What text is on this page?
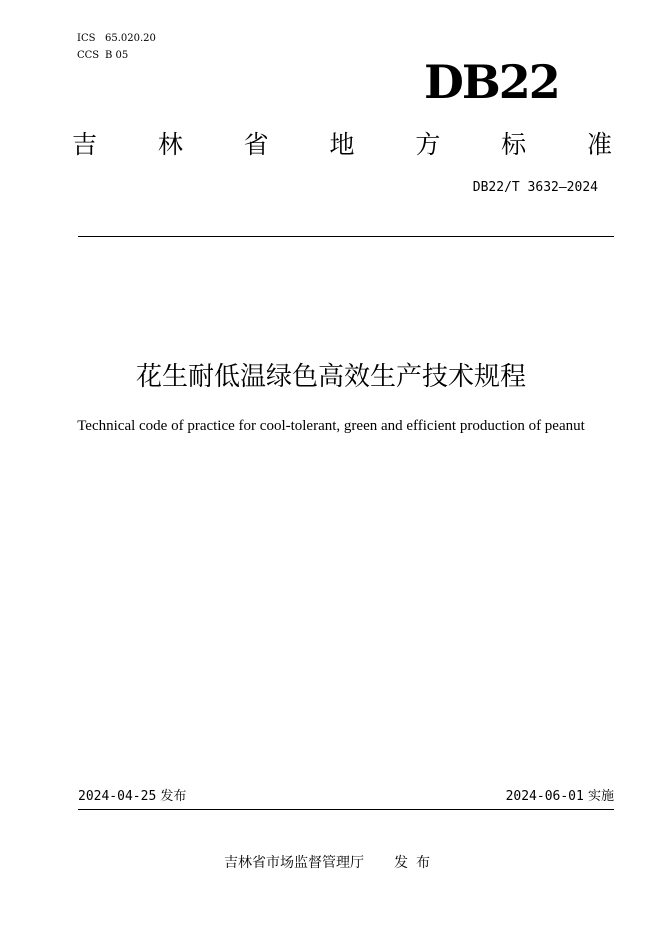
ICS 65.020.20
CCS B 05	DB22
吉 林 省 地 方 标 准
DB22/T 3632—2024
花生耐低温绿色高效生产技术规程
Technical code of practice for cool-tolerant, green and efficient production of peanut
2024-04-25 发布	2024-06-01 实施
吉林省市场监督管理厅 发布
